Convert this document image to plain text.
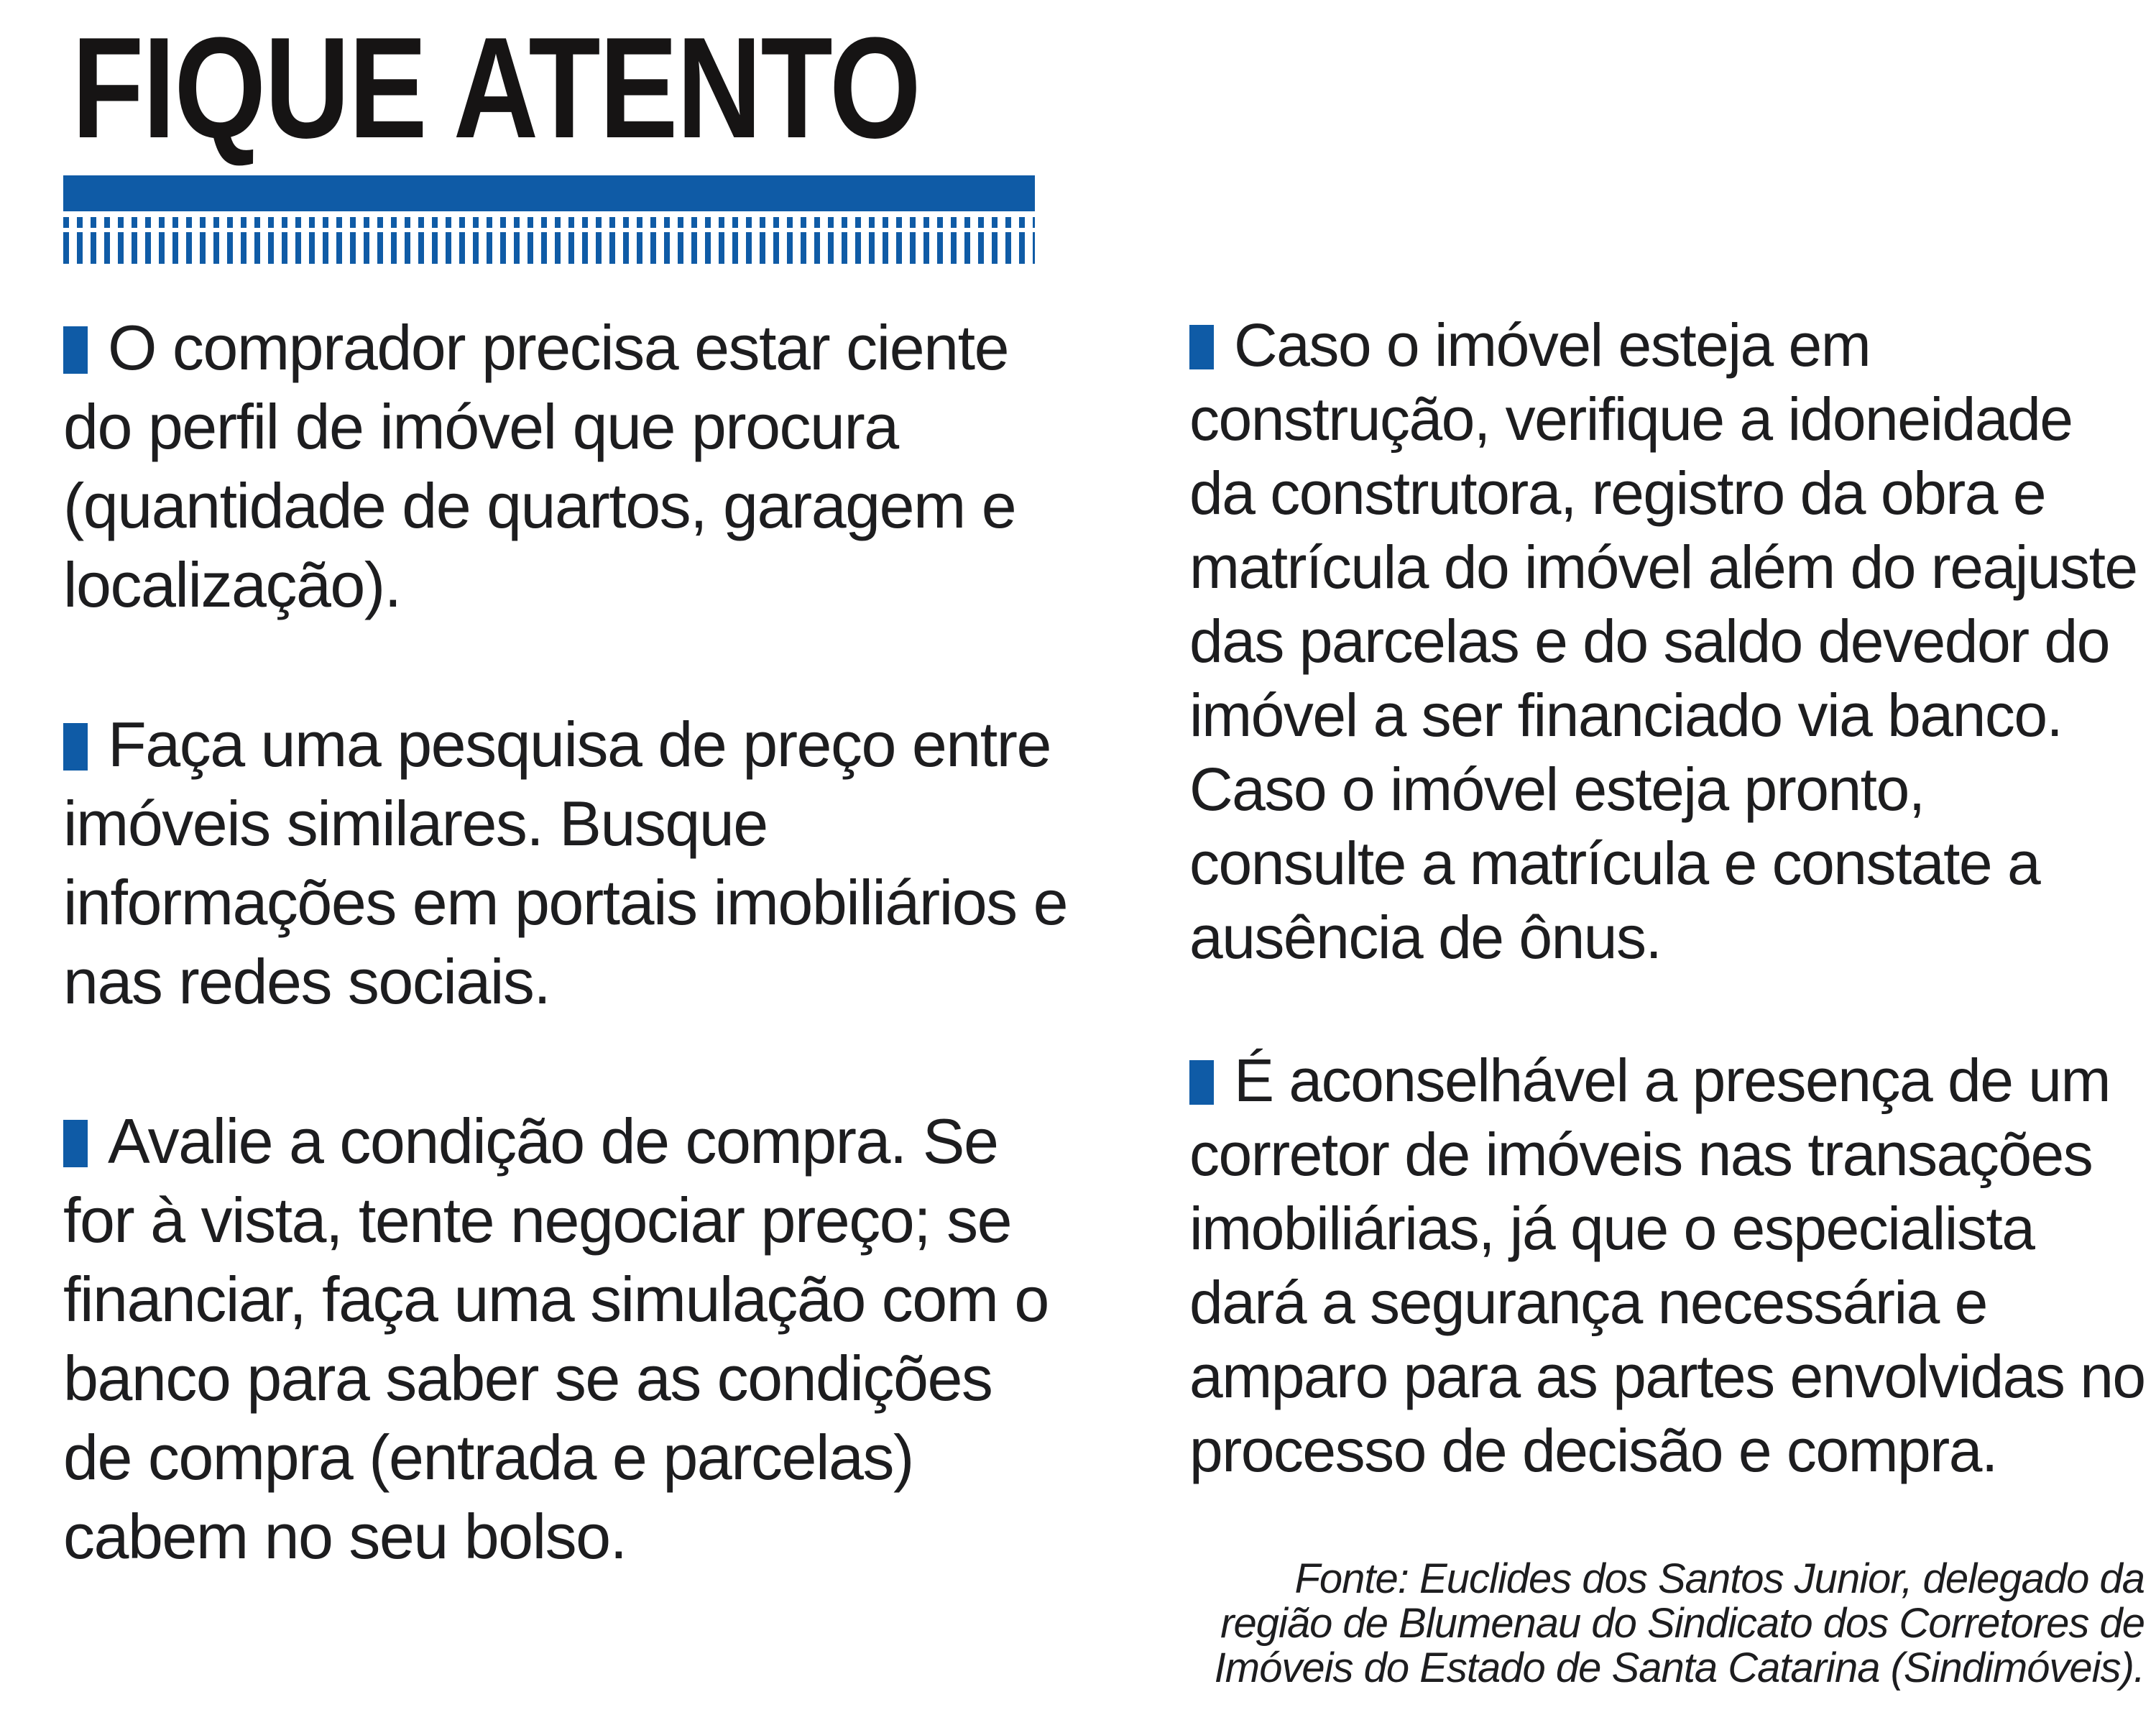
FIQUE ATENTO

O comprador precisa estar ciente do perfil de imóvel que procura (quantidade de quartos, garagem e localização).

Faça uma pesquisa de preço entre imóveis similares. Busque informações em portais imobiliários e nas redes sociais.

Avalie a condição de compra. Se for à vista, tente negociar preço; se financiar, faça uma simulação com o banco para saber se as condições de compra (entrada e parcelas) cabem no seu bolso.

Caso o imóvel esteja em construção, verifique a idoneidade da construtora, registro da obra e matrícula do imóvel além do reajuste das parcelas e do saldo devedor do imóvel a ser financiado via banco. Caso o imóvel esteja pronto, consulte a matrícula e constate a ausência de ônus.

É aconselhável a presença de um corretor de imóveis nas transações imobiliárias, já que o especialista dará a segurança necessária e amparo para as partes envolvidas no processo de decisão e compra.

Fonte: Euclides dos Santos Junior, delegado da região de Blumenau do Sindicato dos Corretores de Imóveis do Estado de Santa Catarina (Sindimóveis).
